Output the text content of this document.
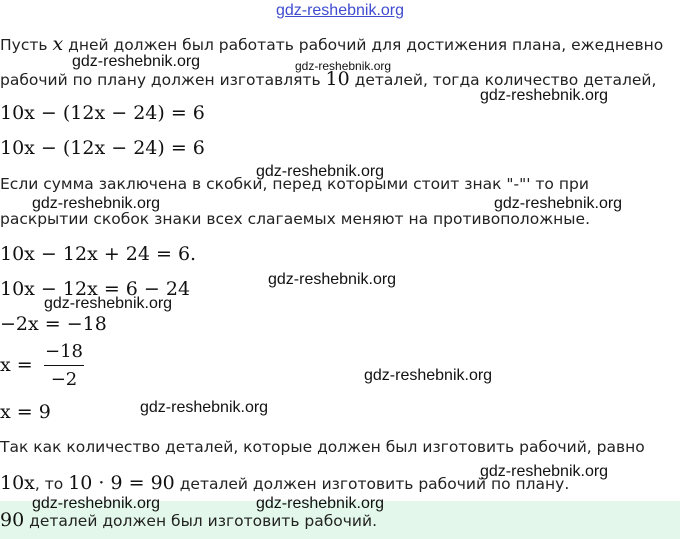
gdz-reshebnik.org
Пусть x дней должен был работать рабочий для достижения плана, ежедневно
рабочий по плану должен изготавлять 10 деталей, тогда количество деталей,
10x − (12x − 24) = 6
10x − (12x − 24) = 6
Если сумма заключена в скобки, перед которыми стоит знак "-"' то при
раскрытии скобок знаки всех слагаемых меняют на противоположные.
10x − 12x + 24 = 6.
10x − 12x = 6 − 24
−2x = −18
x =
−18
−2
x = 9
Так как количество деталей, которые должен был изготовить рабочий, равно
10x, то 10 · 9 = 90 деталей должен изготовить рабочий по плану.
90 деталей должен был изготовить рабочий.
gdz-reshebnik.org	gdz-reshebnik.org
gdz-reshebnik.org
gdz-reshebnik.org
gdz-reshebnik.org	gdz-reshebnik.org
gdz-reshebnik.org
gdz-reshebnik.org
gdz-reshebnik.org
gdz-reshebnik.org
gdz-reshebnik.org
gdz-reshebnik.org	gdz-reshebnik.org
